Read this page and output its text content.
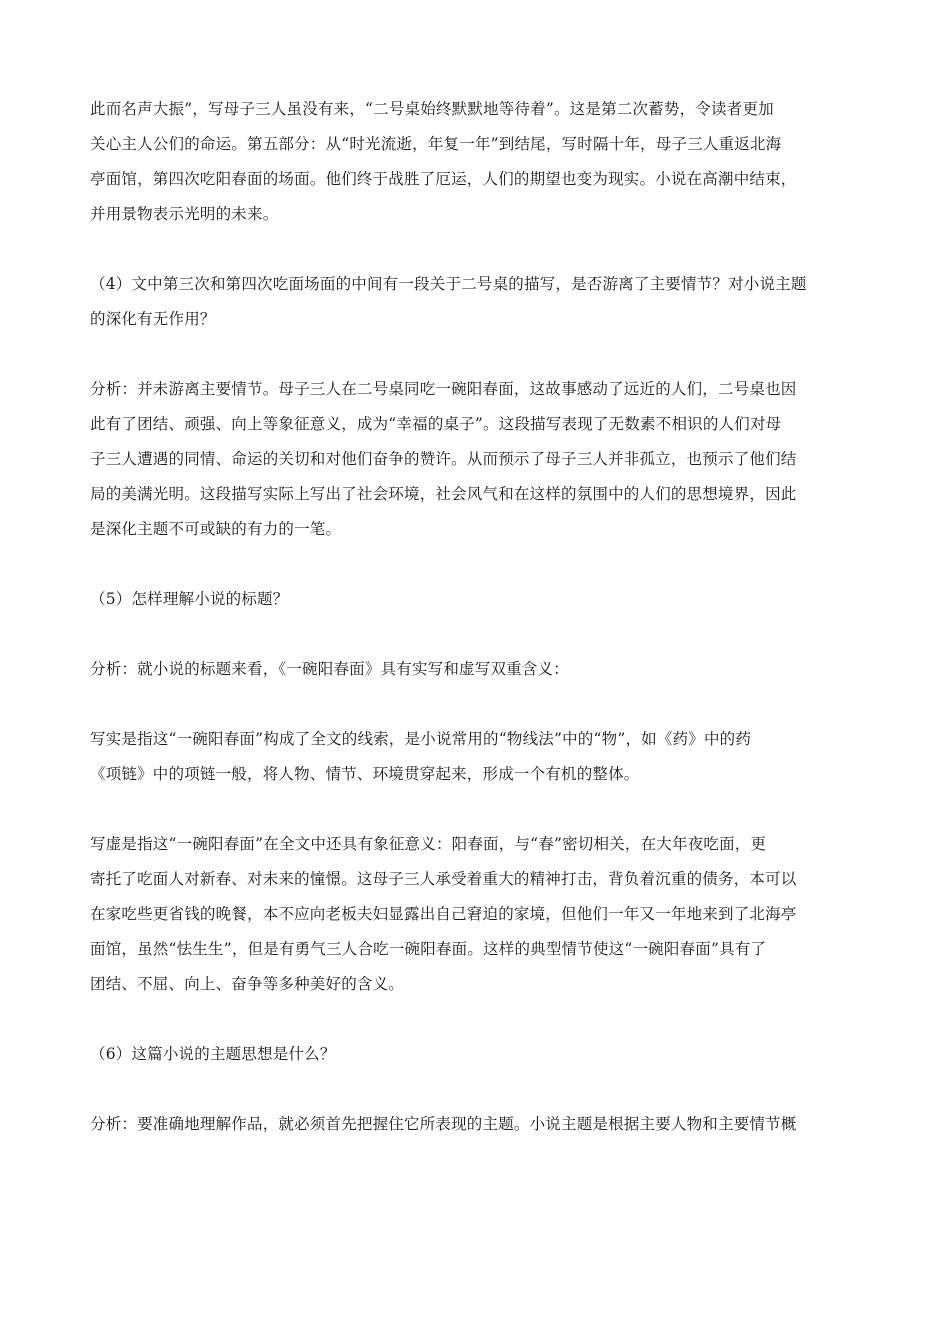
此而名声大振”，写母子三人虽没有来，“二号桌始终默默地等待着”。这是第二次蓄势，令读者更加
关心主人公们的命运。第五部分：从“时光流逝，年复一年”到结尾，写时隔十年，母子三人重返北海
亭面馆，第四次吃阳春面的场面。他们终于战胜了厄运，人们的期望也变为现实。小说在高潮中结束，
并用景物表示光明的未来。

（4）文中第三次和第四次吃面场面的中间有一段关于二号桌的描写，是否游离了主要情节？对小说主题
的深化有无作用？

分析：并未游离主要情节。母子三人在二号桌同吃一碗阳春面，这故事感动了远近的人们，二号桌也因
此有了团结、顽强、向上等象征意义，成为“幸福的桌子”。这段描写表现了无数素不相识的人们对母
子三人遭遇的同情、命运的关切和对他们奋争的赞许。从而预示了母子三人并非孤立，也预示了他们结
局的美满光明。这段描写实际上写出了社会环境，社会风气和在这样的氛围中的人们的思想境界，因此
是深化主题不可或缺的有力的一笔。

（5）怎样理解小说的标题？

分析：就小说的标题来看，《一碗阳春面》具有实写和虚写双重含义：

写实是指这“一碗阳春面”构成了全文的线索，是小说常用的“物线法”中的“物”，如《药》中的药
《项链》中的项链一般，将人物、情节、环境贯穿起来，形成一个有机的整体。

写虚是指这“一碗阳春面”在全文中还具有象征意义：阳春面，与“春”密切相关，在大年夜吃面，更
寄托了吃面人对新春、对未来的憧憬。这母子三人承受着重大的精神打击，背负着沉重的债务，本可以
在家吃些更省钱的晚餐，本不应向老板夫妇显露出自己窘迫的家境，但他们一年又一年地来到了北海亭
面馆，虽然“怯生生”，但是有勇气三人合吃一碗阳春面。这样的典型情节使这“一碗阳春面”具有了
团结、不屈、向上、奋争等多种美好的含义。

（6）这篇小说的主题思想是什么？

分析：要准确地理解作品，就必须首先把握住它所表现的主题。小说主题是根据主要人物和主要情节概
